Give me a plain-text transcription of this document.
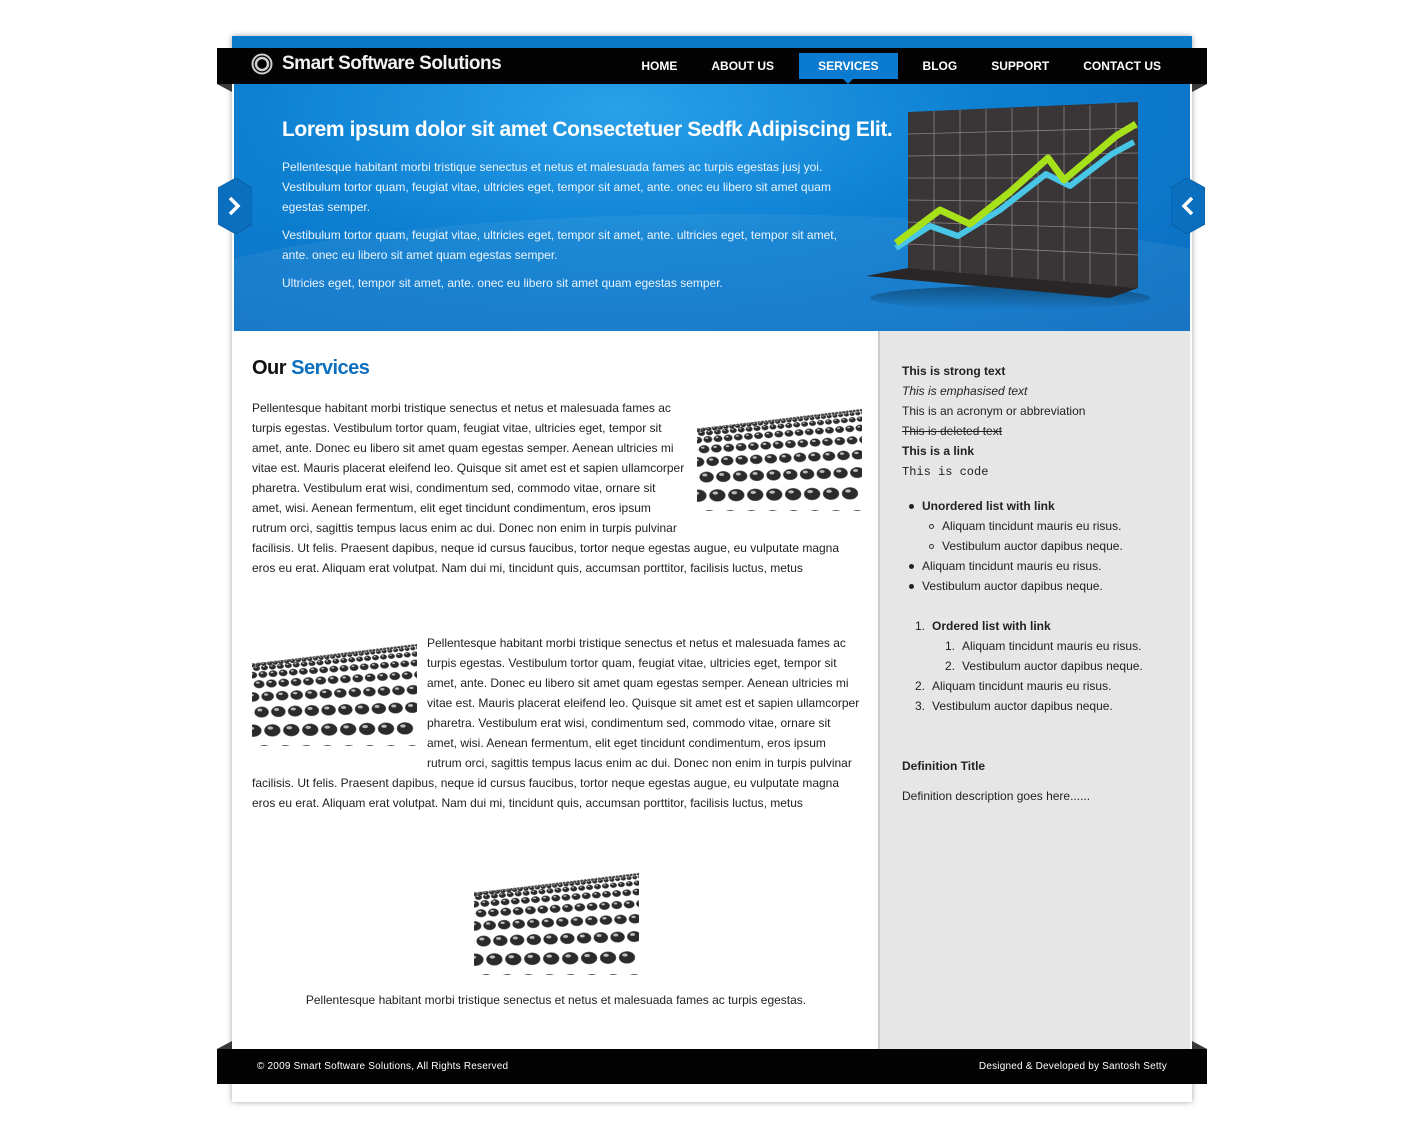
Smart Software Solutions	HOME	ABOUT US	SERVICES	BLOG	SUPPORT	CONTACT US
Lorem ipsum dolor sit amet Consectetuer Sedfk Adipiscing Elit.

Pellentesque habitant morbi tristique senectus et netus et malesuada fames ac turpis egestas jusj yoi. Vestibulum tortor quam, feugiat vitae, ultricies eget, tempor sit amet, ante. onec eu libero sit amet quam egestas semper.

Vestibulum tortor quam, feugiat vitae, ultricies eget, tempor sit amet, ante. ultricies eget, tempor sit amet, ante. onec eu libero sit amet quam egestas semper.

Ultricies eget, tempor sit amet, ante. onec eu libero sit amet quam egestas semper.

Our Services
Pellentesque habitant morbi tristique senectus et netus et malesuada fames ac turpis egestas. Vestibulum tortor quam, feugiat vitae, ultricies eget, tempor sit amet, ante. Donec eu libero sit amet quam egestas semper. Aenean ultricies mi vitae est. Mauris placerat eleifend leo. Quisque sit amet est et sapien ullamcorper pharetra. Vestibulum erat wisi, condimentum sed, commodo vitae, ornare sit amet, wisi. Aenean fermentum, elit eget tincidunt condimentum, eros ipsum rutrum orci, sagittis tempus lacus enim ac dui. Donec non enim in turpis pulvinar facilisis. Ut felis. Praesent dapibus, neque id cursus faucibus, tortor neque egestas augue, eu vulputate magna eros eu erat. Aliquam erat volutpat. Nam dui mi, tincidunt quis, accumsan porttitor, facilisis luctus, metus
Pellentesque habitant morbi tristique senectus et netus et malesuada fames ac turpis egestas. Vestibulum tortor quam, feugiat vitae, ultricies eget, tempor sit amet, ante. Donec eu libero sit amet quam egestas semper. Aenean ultricies mi vitae est. Mauris placerat eleifend leo. Quisque sit amet est et sapien ullamcorper pharetra. Vestibulum erat wisi, condimentum sed, commodo vitae, ornare sit amet, wisi. Aenean fermentum, elit eget tincidunt condimentum, eros ipsum rutrum orci, sagittis tempus lacus enim ac dui. Donec non enim in turpis pulvinar facilisis. Ut felis. Praesent dapibus, neque id cursus faucibus, tortor neque egestas augue, eu vulputate magna eros eu erat. Aliquam erat volutpat. Nam dui mi, tincidunt quis, accumsan porttitor, facilisis luctus, metus
Pellentesque habitant morbi tristique senectus et netus et malesuada fames ac turpis egestas.
This is strong text
This is emphasised text
This is an acronym or abbreviation
This is deleted text
This is a link
This is code
Unordered list with link
Aliquam tincidunt mauris eu risus.
Vestibulum auctor dapibus neque.
Aliquam tincidunt mauris eu risus.
Vestibulum auctor dapibus neque.
1. Ordered list with link
1. Aliquam tincidunt mauris eu risus.
2. Vestibulum auctor dapibus neque.
2. Aliquam tincidunt mauris eu risus.
3. Vestibulum auctor dapibus neque.
Definition Title
Definition description goes here......
© 2009 Smart Software Solutions, All Rights Reserved	Designed & Developed by Santosh Setty
